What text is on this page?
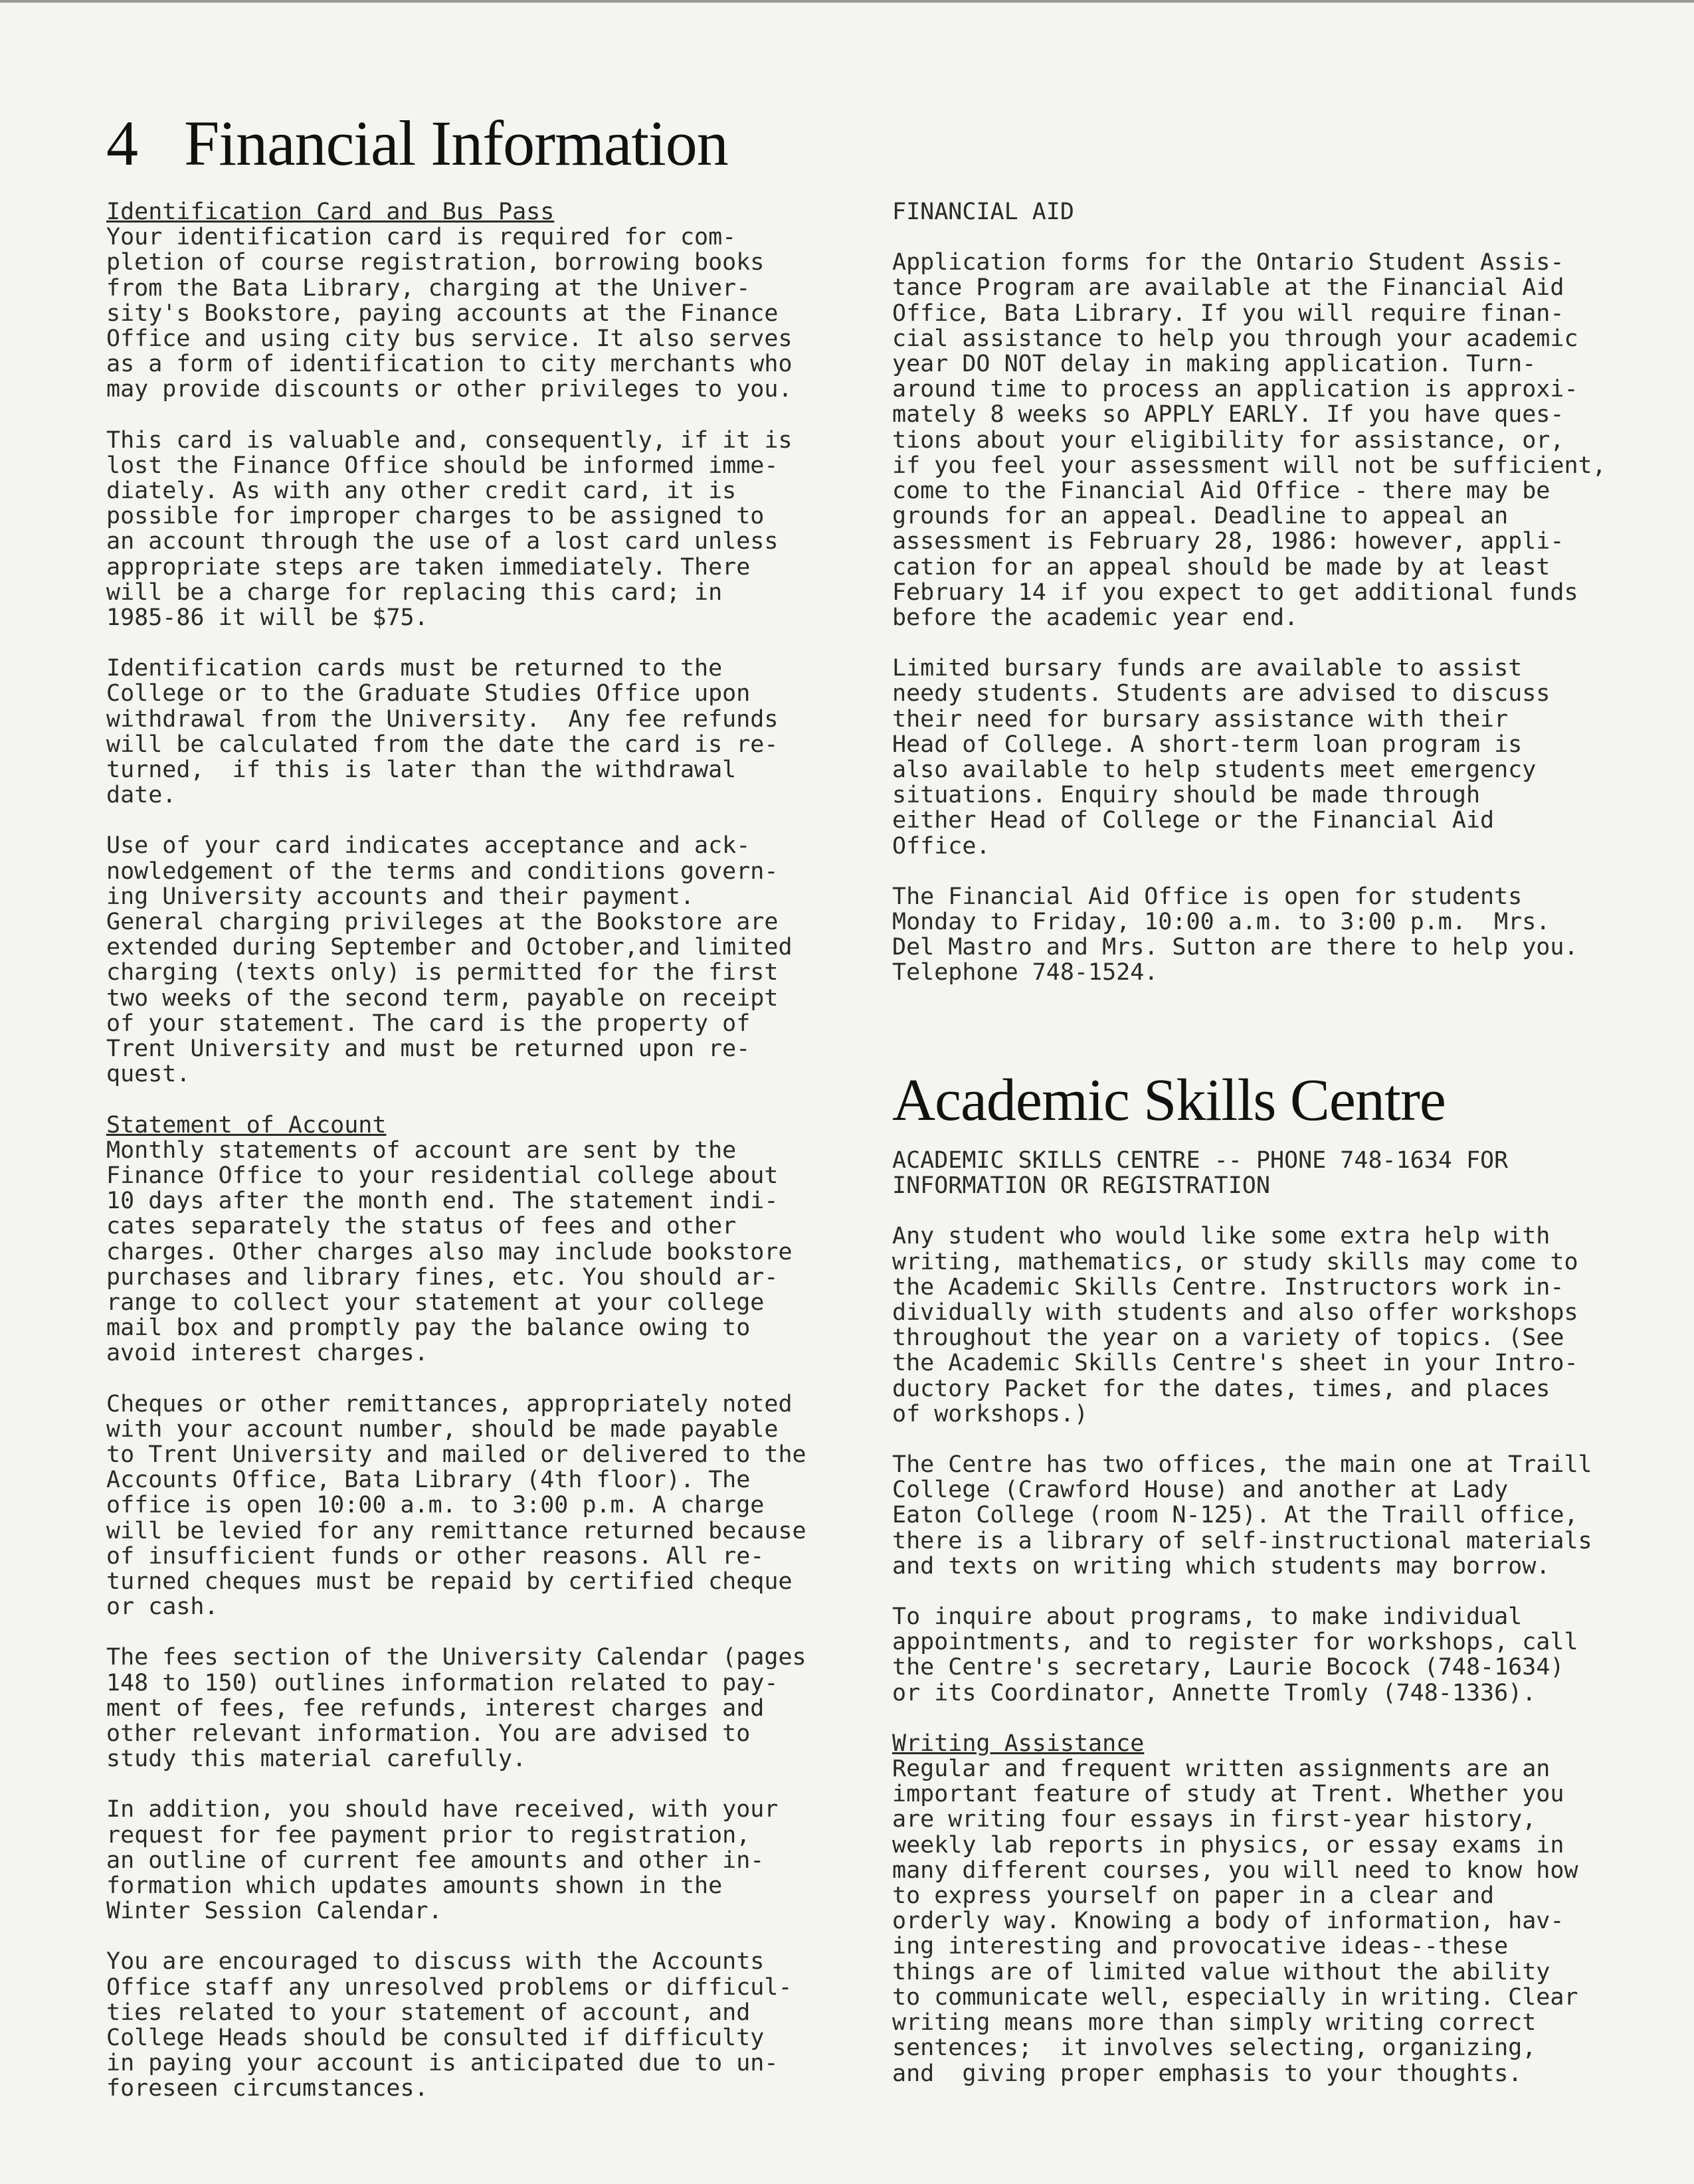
4 Financial Information

Identification Card and Bus Pass

Your identification card is required for com-
pletion of course registration, borrowing books
from the Bata Library, charging at the Univer-
sity's Bookstore, paying accounts at the Finance
Office and using city bus service. It also serves
as a form of identification to city merchants who
may provide discounts or other privileges to you.

This card is valuable and, consequently, if it is
lost the Finance Office should be informed imme-
diately. As with any other credit card, it is
possible for improper charges to be assigned to
an account through the use of a lost card unless
appropriate steps are taken immediately. There
will be a charge for replacing this card; in
1985-86 it will be $75.

Identification cards must be returned to the
College or to the Graduate Studies Office upon
withdrawal from the University.  Any fee refunds
will be calculated from the date the card is re-
turned,  if this is later than the withdrawal
date.

Use of your card indicates acceptance and ack-
nowledgement of the terms and conditions govern-
ing University accounts and their payment.
General charging privileges at the Bookstore are
extended during September and October,and limited
charging (texts only) is permitted for the first
two weeks of the second term, payable on receipt
of your statement. The card is the property of
Trent University and must be returned upon re-
quest.

Statement of Account

Monthly statements of account are sent by the
Finance Office to your residential college about
10 days after the month end. The statement indi-
cates separately the status of fees and other
charges. Other charges also may include bookstore
purchases and library fines, etc. You should ar-
range to collect your statement at your college
mail box and promptly pay the balance owing to
avoid interest charges.

Cheques or other remittances, appropriately noted
with your account number, should be made payable
to Trent University and mailed or delivered to the
Accounts Office, Bata Library (4th floor). The
office is open 10:00 a.m. to 3:00 p.m. A charge
will be levied for any remittance returned because
of insufficient funds or other reasons. All re-
turned cheques must be repaid by certified cheque
or cash.

The fees section of the University Calendar (pages
148 to 150) outlines information related to pay-
ment of fees, fee refunds, interest charges and
other relevant information. You are advised to
study this material carefully.

In addition, you should have received, with your
request for fee payment prior to registration,
an outline of current fee amounts and other in-
formation which updates amounts shown in the
Winter Session Calendar.

You are encouraged to discuss with the Accounts
Office staff any unresolved problems or difficul-
ties related to your statement of account, and
College Heads should be consulted if difficulty
in paying your account is anticipated due to un-
foreseen circumstances.

FINANCIAL AID

Application forms for the Ontario Student Assis-
tance Program are available at the Financial Aid
Office, Bata Library. If you will require finan-
cial assistance to help you through your academic
year DO NOT delay in making application. Turn-
around time to process an application is approxi-
mately 8 weeks so APPLY EARLY. If you have ques-
tions about your eligibility for assistance, or,
if you feel your assessment will not be sufficient,
come to the Financial Aid Office - there may be
grounds for an appeal. Deadline to appeal an
assessment is February 28, 1986: however, appli-
cation for an appeal should be made by at least
February 14 if you expect to get additional funds
before the academic year end.

Limited bursary funds are available to assist
needy students. Students are advised to discuss
their need for bursary assistance with their
Head of College. A short-term loan program is
also available to help students meet emergency
situations. Enquiry should be made through
either Head of College or the Financial Aid
Office.

The Financial Aid Office is open for students
Monday to Friday, 10:00 a.m. to 3:00 p.m.  Mrs.
Del Mastro and Mrs. Sutton are there to help you.
Telephone 748-1524.

Academic Skills Centre

ACADEMIC SKILLS CENTRE -- PHONE 748-1634 FOR
INFORMATION OR REGISTRATION

Any student who would like some extra help with
writing, mathematics, or study skills may come to
the Academic Skills Centre. Instructors work in-
dividually with students and also offer workshops
throughout the year on a variety of topics. (See
the Academic Skills Centre's sheet in your Intro-
ductory Packet for the dates, times, and places
of workshops.)

The Centre has two offices, the main one at Traill
College (Crawford House) and another at Lady
Eaton College (room N-125). At the Traill office,
there is a library of self-instructional materials
and texts on writing which students may borrow.

To inquire about programs, to make individual
appointments, and to register for workshops, call
the Centre's secretary, Laurie Bocock (748-1634)
or its Coordinator, Annette Tromly (748-1336).

Writing Assistance

Regular and frequent written assignments are an
important feature of study at Trent. Whether you
are writing four essays in first-year history,
weekly lab reports in physics, or essay exams in
many different courses, you will need to know how
to express yourself on paper in a clear and
orderly way. Knowing a body of information, hav-
ing interesting and provocative ideas--these
things are of limited value without the ability
to communicate well, especially in writing. Clear
writing means more than simply writing correct
sentences;  it involves selecting, organizing,
and  giving proper emphasis to your thoughts.
